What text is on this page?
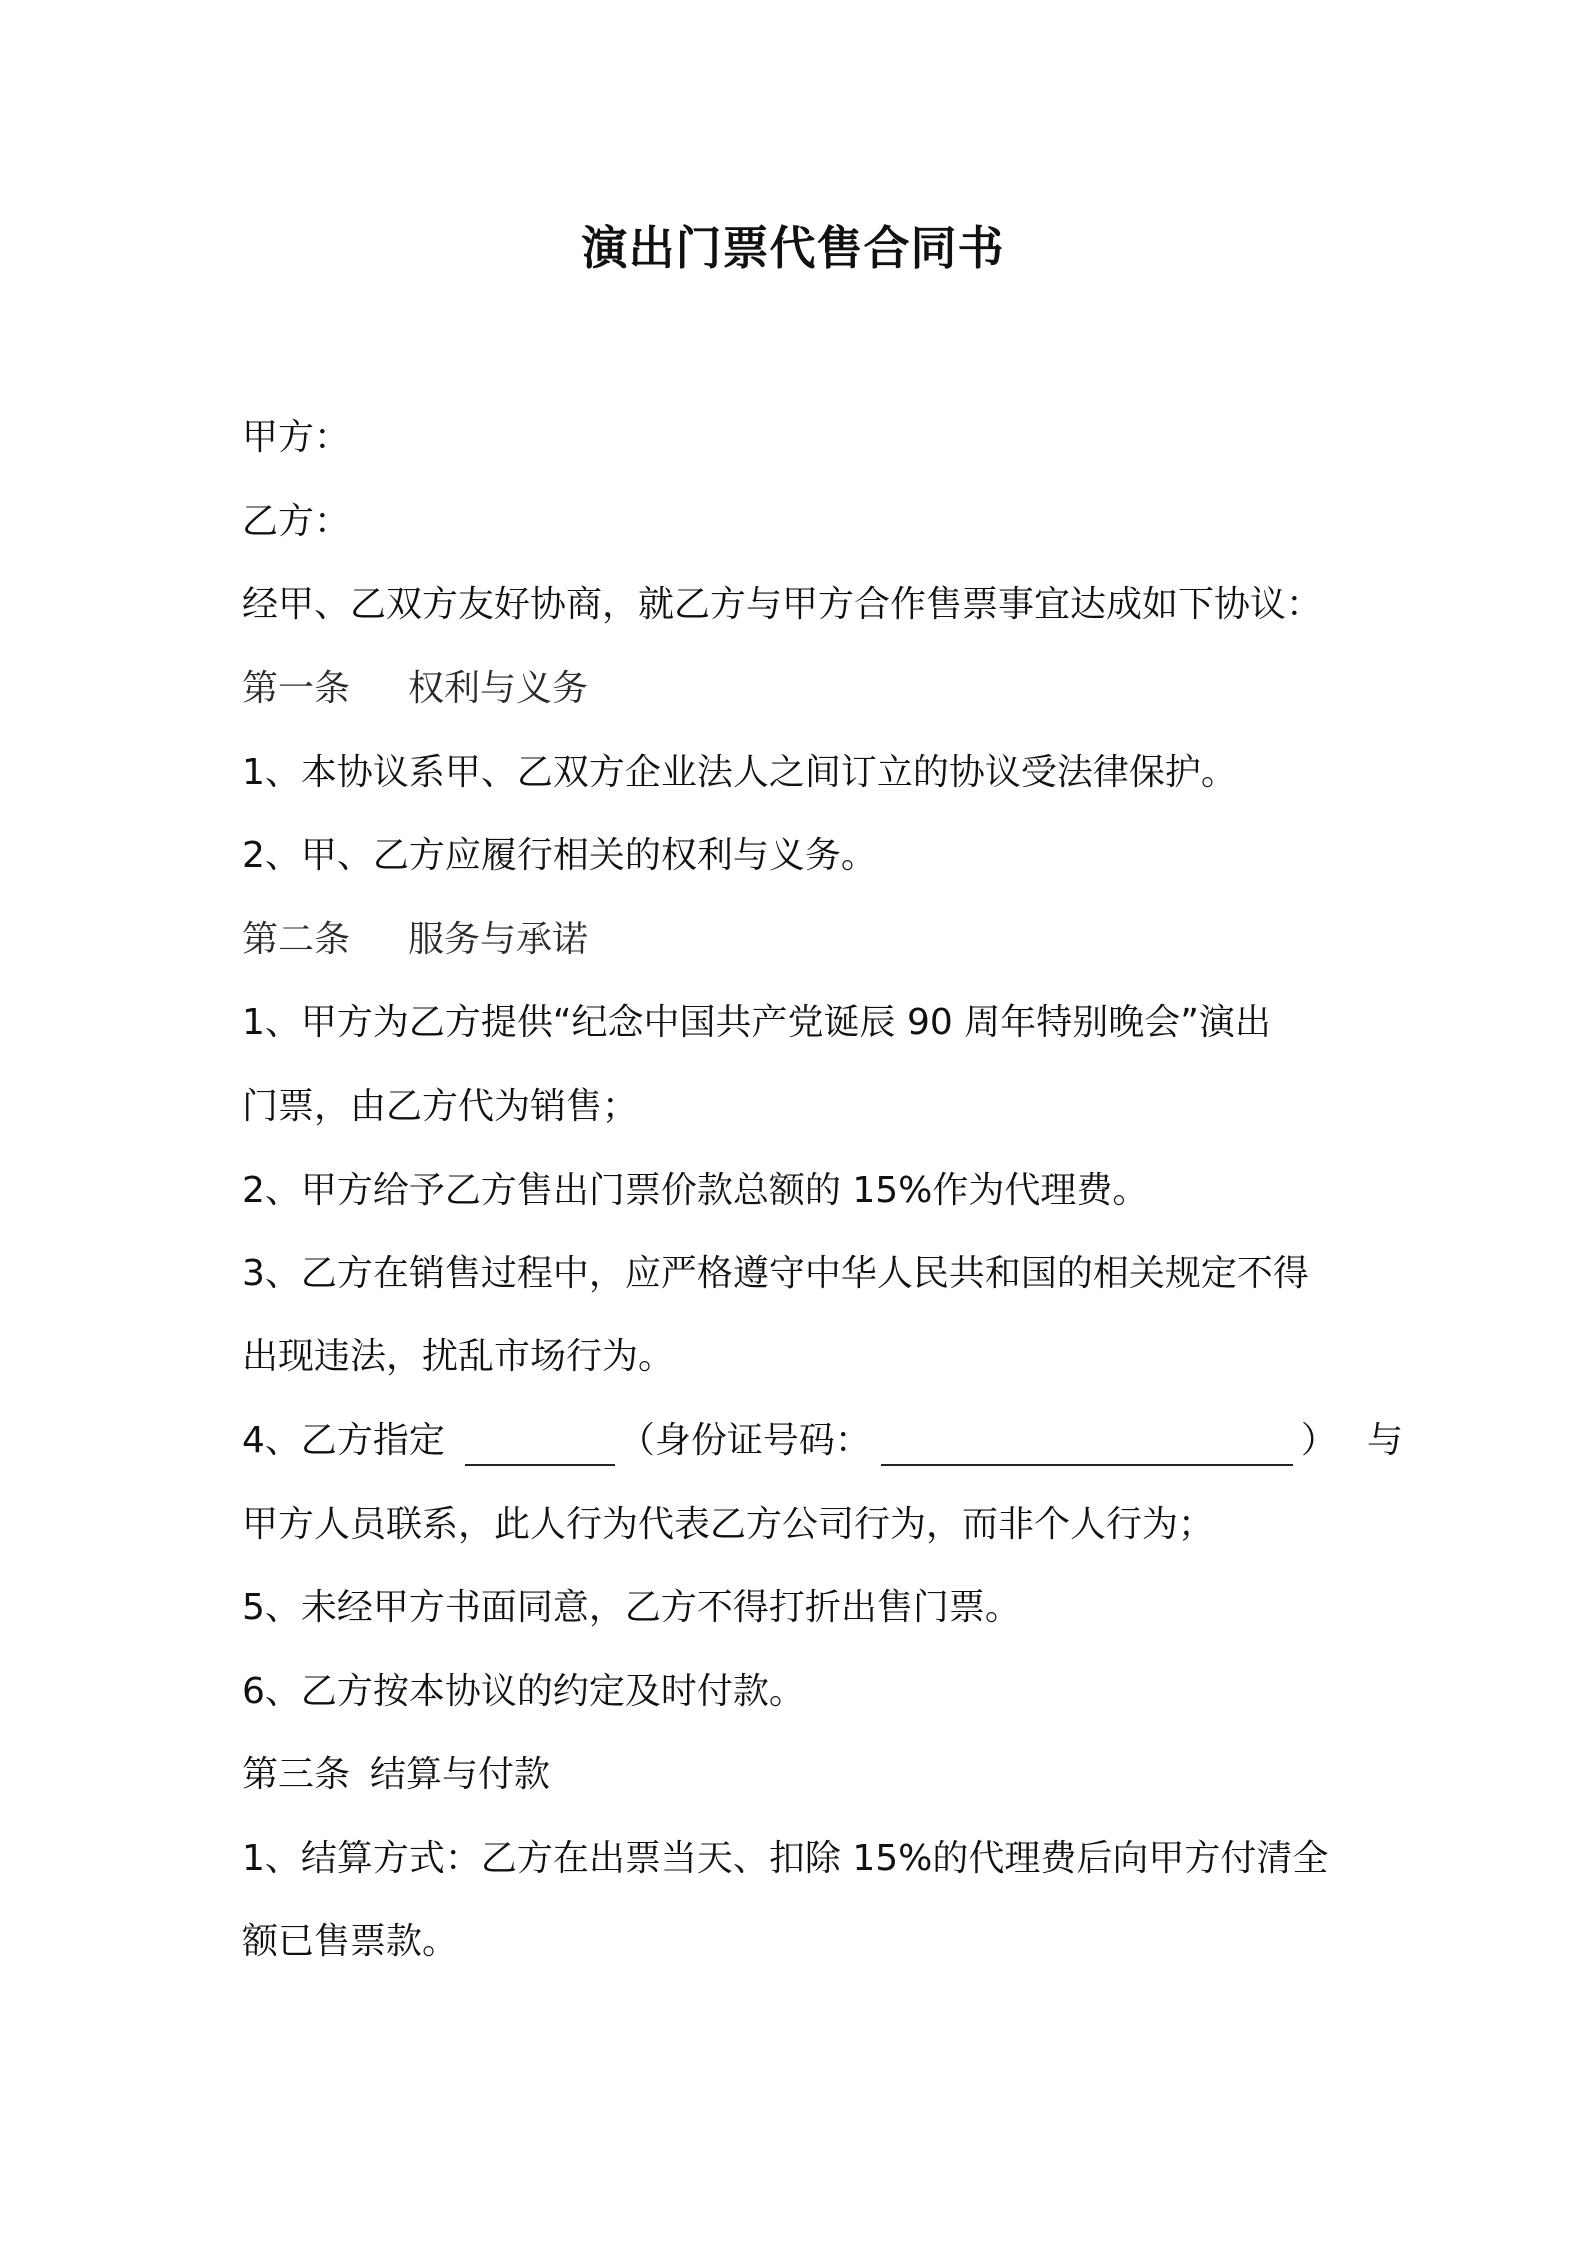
演出门票代售合同书
甲方：
乙方：
经甲、乙双方友好协商，就乙方与甲方合作售票事宜达成如下协议：
第一条 权利与义务
1、本协议系甲、乙双方企业法人之间订立的协议受法律保护。
2、甲、乙方应履行相关的权利与义务。
第二条 服务与承诺
1、甲方为乙方提供“纪念中国共产党诞辰 90 周年特别晚会”演出
门票，由乙方代为销售；
2、甲方给予乙方售出门票价款总额的 15%作为代理费。
3、乙方在销售过程中，应严格遵守中华人民共和国的相关规定不得
出现违法，扰乱市场行为。
4、乙方指定	（身份证号码：	） 与
甲方人员联系，此人行为代表乙方公司行为，而非个人行为；
5、未经甲方书面同意，乙方不得打折出售门票。
6、乙方按本协议的约定及时付款。
第三条 结算与付款
1、结算方式：乙方在出票当天、扣除 15%的代理费后向甲方付清全
额已售票款。
